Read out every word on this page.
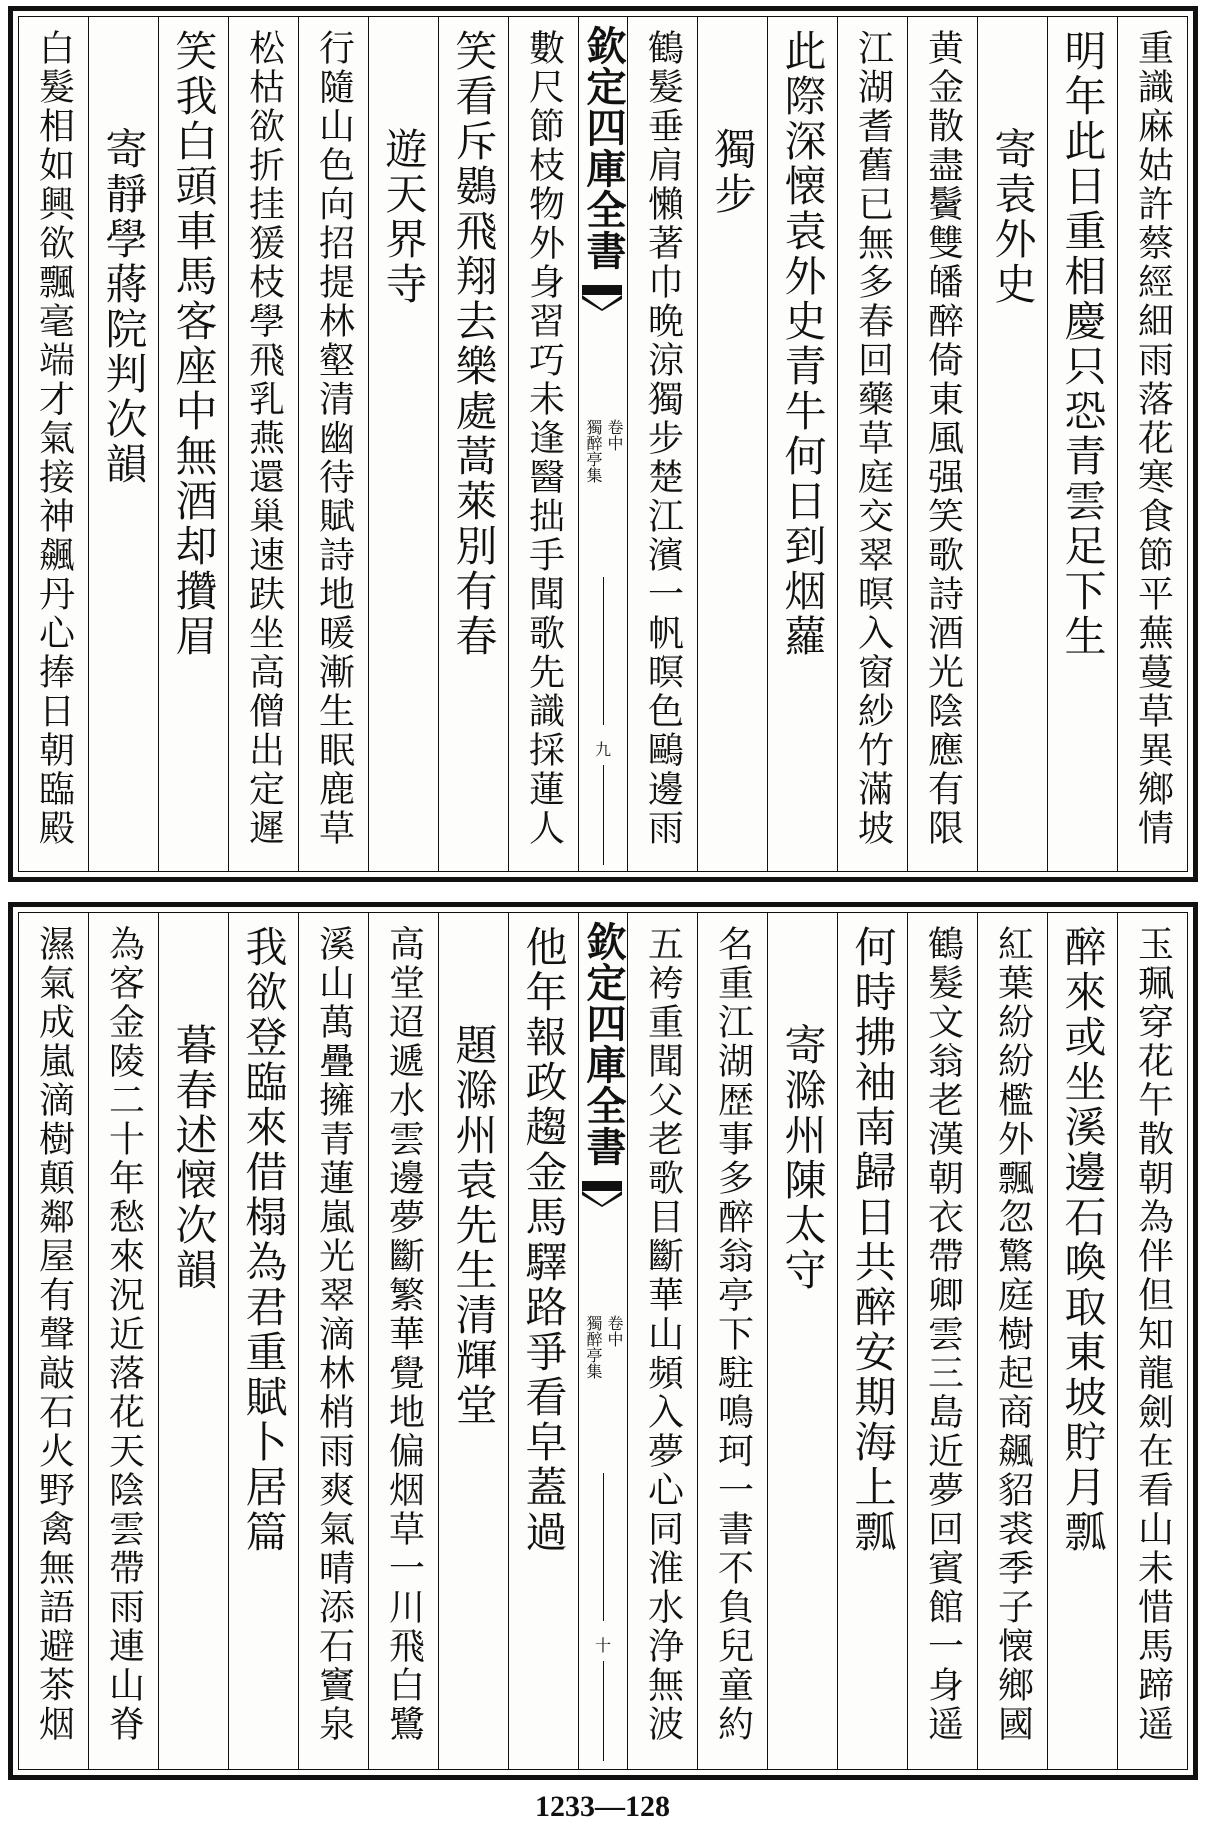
重識麻姑許蔡經細雨落花寒食節平蕪蔓草異鄉情
明年此日重相慶只恐青雲足下生
寄袁外史
黄金散盡鬢雙皤醉倚東風强笑歌詩酒光陰應有限
江湖耆舊已無多春回藥草庭交翠暝入窗紗竹滿坡
此際深懐袁外史青牛何日到烟蘿
獨步
鶴髮垂肩懶著巾晩涼獨步楚江濱一帆暝色鷗邊雨
欽定四庫全書
獨醉亭集 卷中
九
數尺節枝物外身習巧未逢醫拙手聞歌先識採蓮人
笑看斥鷃飛翔去樂處蒿萊別有春
遊天界寺
行隨山色向招提林壑清幽待賦詩地暖漸生眠鹿草
松枯欲折挂猨枝學飛乳燕還巢速趺坐高僧出定遲
笑我白頭車馬客座中無酒却攢眉
寄靜學蔣院判次韻
白髮相如興欲飄毫端才氣接神飆丹心捧日朝臨殿
玉珮穿花午散朝為伴但知龍劍在看山未惜馬蹄遥
醉來或坐溪邊石喚取東坡貯月瓢
紅葉紛紛檻外飄忽驚庭樹起商飆貂裘季子懐鄉國
鶴髮文翁老漢朝衣帶卿雲三島近夢回賓館一身遥
何時拂袖南歸日共醉安期海上瓢
寄滁州陳太守
名重江湖歴事多醉翁亭下駐鳴珂一書不負兒童約
五袴重聞父老歌目斷華山頻入夢心同淮水浄無波
欽定四庫全書
獨醉亭集 卷中
十
他年報政趨金馬驛路爭看皁蓋過
題滁州袁先生清輝堂
高堂迢遞水雲邊夢斷繁華覺地偏烟草一川飛白鷺
溪山萬疊擁青蓮嵐光翠滴林梢雨爽氣晴添石竇泉
我欲登臨來借榻為君重賦卜居篇
暮春述懐次韻
為客金陵二十年愁來況近落花天陰雲帶雨連山脊
濕氣成嵐滴樹顛鄰屋有聲敲石火野禽無語避茶烟
1233—128
